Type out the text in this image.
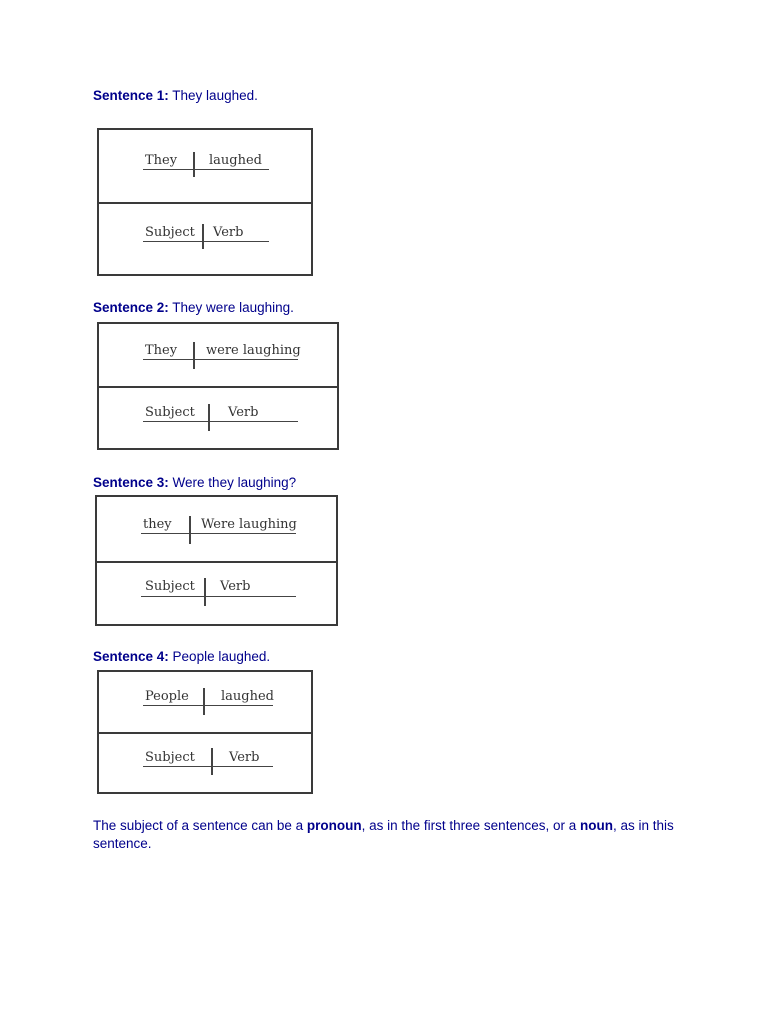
Sentence 1: They laughed.
They laughed
Subject Verb
Sentence 2: They were laughing.
They were laughing
Subject	Verb
Sentence 3: Were they laughing?
they Were laughing
Subject Verb
Sentence 4: People laughed.
People laughed
Subject	Verb

The subject of a sentence can be a pronoun, as in the first three sentences, or a noun, as in this sentence.
